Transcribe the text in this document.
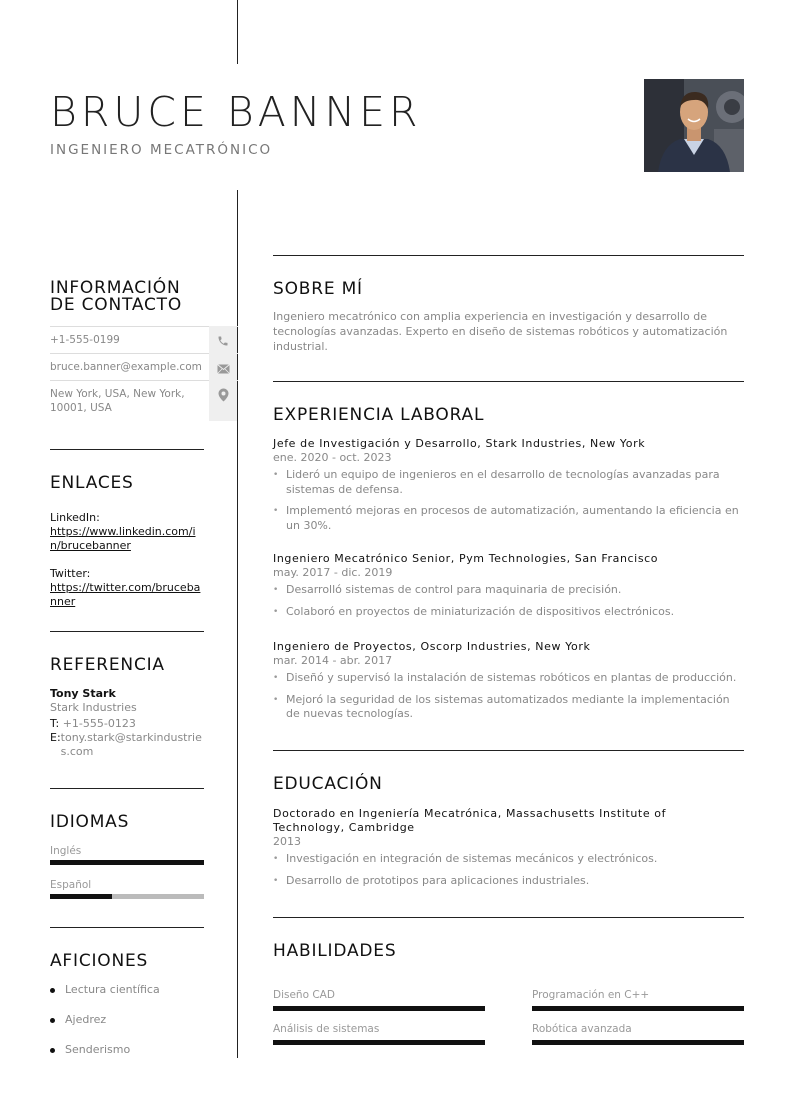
BRUCE BANNER
INGENIERO MECATRÓNICO
INFORMACIÓN
DE CONTACTO
+1-555-0199
bruce.banner@example.com
New York, USA, New York, 10001, USA
ENLACES
LinkedIn:
https://www.linkedin.com/in/brucebanner
Twitter:
https://twitter.com/brucebanner
REFERENCIA
Tony Stark
Stark Industries
T: +1-555-0123
E: tony.stark@starkindustries.com
IDIOMAS
Inglés
Español
AFICIONES
Lectura científica
Ajedrez
Senderismo
SOBRE MÍ
Ingeniero mecatrónico con amplia experiencia en investigación y desarrollo de tecnologías avanzadas. Experto en diseño de sistemas robóticos y automatización industrial.
EXPERIENCIA LABORAL
Jefe de Investigación y Desarrollo, Stark Industries, New York
ene. 2020 - oct. 2023
• Lideró un equipo de ingenieros en el desarrollo de tecnologías avanzadas para sistemas de defensa.
• Implementó mejoras en procesos de automatización, aumentando la eficiencia en un 30%.
Ingeniero Mecatrónico Senior, Pym Technologies, San Francisco
may. 2017 - dic. 2019
• Desarrolló sistemas de control para maquinaria de precisión.
• Colaboró en proyectos de miniaturización de dispositivos electrónicos.
Ingeniero de Proyectos, Oscorp Industries, New York
mar. 2014 - abr. 2017
• Diseñó y supervisó la instalación de sistemas robóticos en plantas de producción.
• Mejoró la seguridad de los sistemas automatizados mediante la implementación de nuevas tecnologías.
EDUCACIÓN
Doctorado en Ingeniería Mecatrónica, Massachusetts Institute of Technology, Cambridge
2013
• Investigación en integración de sistemas mecánicos y electrónicos.
• Desarrollo de prototipos para aplicaciones industriales.
HABILIDADES
Diseño CAD	Programación en C++
Análisis de sistemas	Robótica avanzada
